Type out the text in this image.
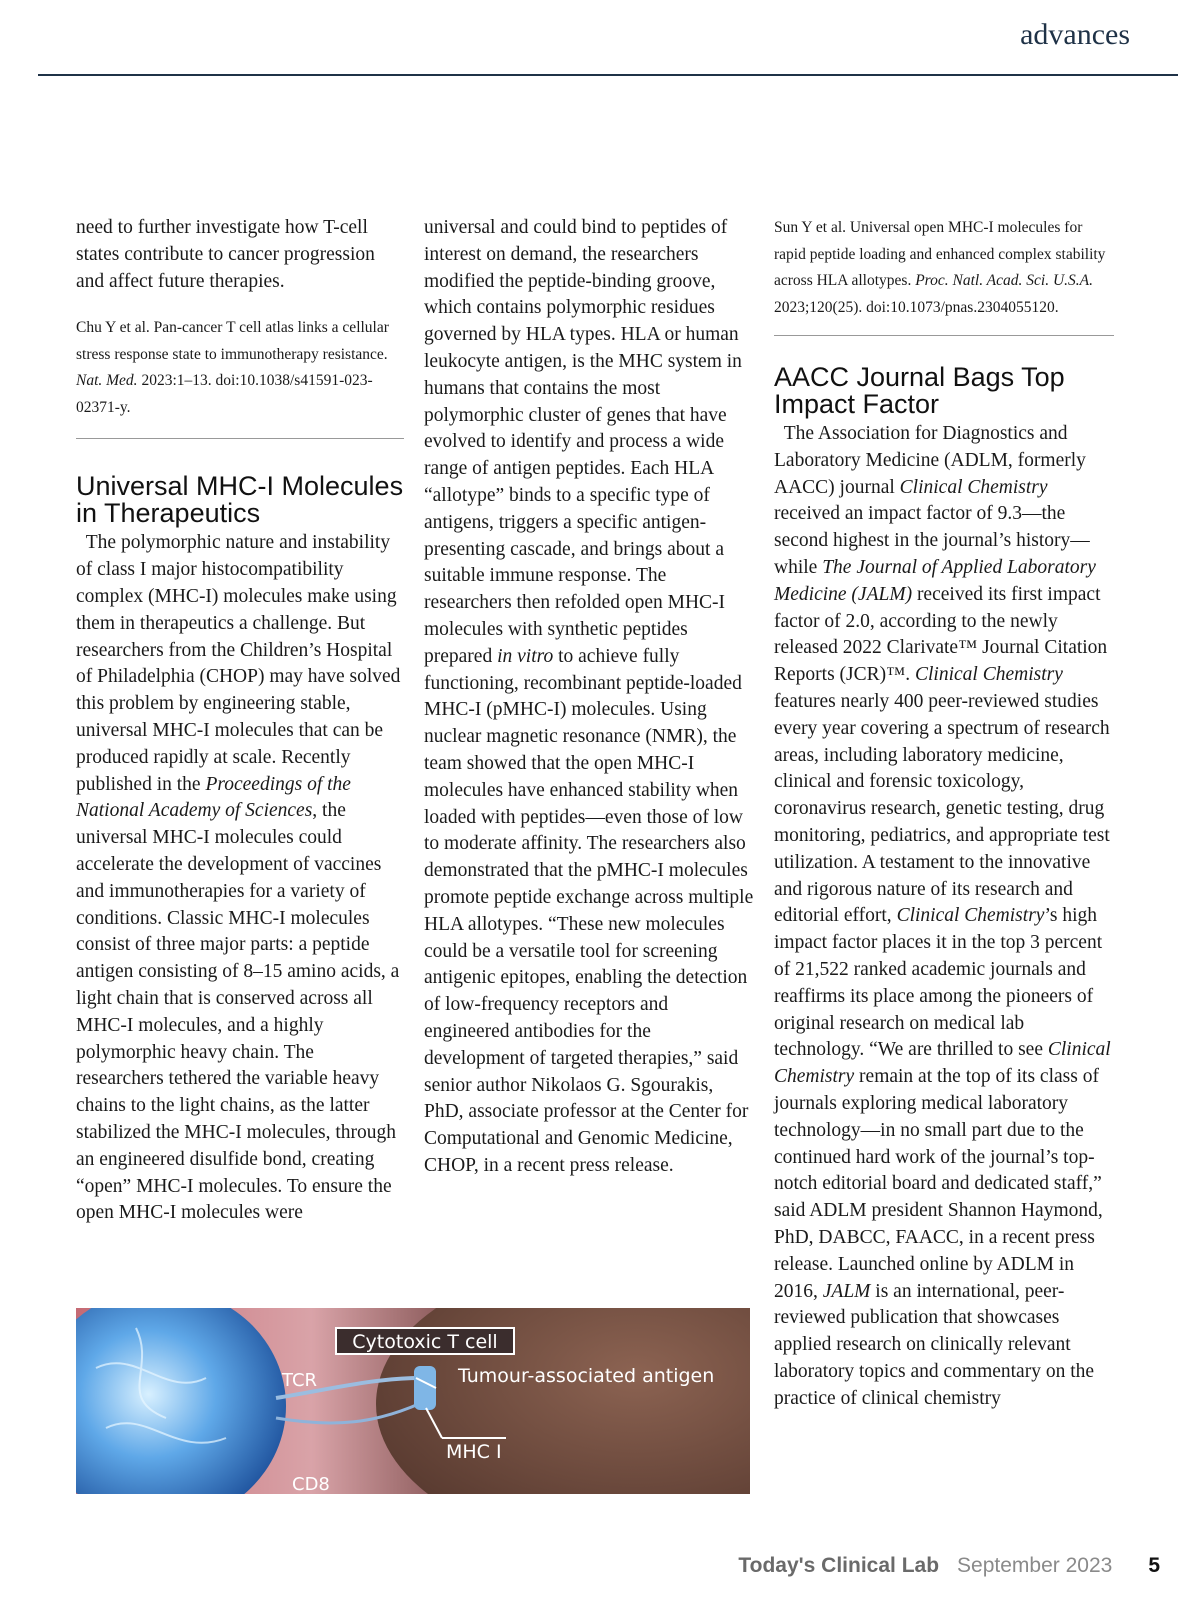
advances

need to further investigate how T-cell states contribute to cancer progression and affect future therapies.

Chu Y et al. Pan-cancer T cell atlas links a cellular stress response state to immunotherapy resistance. Nat. Med. 2023:1–13. doi:10.1038/s41591-023-02371-y.

Universal MHC-I Molecules in Therapeutics

The polymorphic nature and instability of class I major histocompatibility complex (MHC-I) molecules make using them in therapeutics a challenge. But researchers from the Children’s Hospital of Philadelphia (CHOP) may have solved this problem by engineering stable, universal MHC-I molecules that can be produced rapidly at scale. Recently published in the Proceedings of the National Academy of Sciences, the universal MHC-I molecules could accelerate the development of vaccines and immunotherapies for a variety of conditions. Classic MHC-I molecules consist of three major parts: a peptide antigen consisting of 8–15 amino acids, a light chain that is conserved across all MHC-I molecules, and a highly polymorphic heavy chain. The researchers tethered the variable heavy chains to the light chains, as the latter stabilized the MHC-I molecules, through an engineered disulfide bond, creating “open” MHC-I molecules. To ensure the open MHC-I molecules were

universal and could bind to peptides of interest on demand, the researchers modified the peptide-binding groove, which contains polymorphic residues governed by HLA types. HLA or human leukocyte antigen, is the MHC system in humans that contains the most polymorphic cluster of genes that have evolved to identify and process a wide range of antigen peptides. Each HLA “allotype” binds to a specific type of antigens, triggers a specific antigen-presenting cascade, and brings about a suitable immune response. The researchers then refolded open MHC-I molecules with synthetic peptides prepared in vitro to achieve fully functioning, recombinant peptide-loaded MHC-I (pMHC-I) molecules. Using nuclear magnetic resonance (NMR), the team showed that the open MHC-I molecules have enhanced stability when loaded with peptides—even those of low to moderate affinity. The researchers also demonstrated that the pMHC-I molecules promote peptide exchange across multiple HLA allotypes. “These new molecules could be a versatile tool for screening antigenic epitopes, enabling the detection of low-frequency receptors and engineered antibodies for the development of targeted therapies,” said senior author Nikolaos G. Sgourakis, PhD, associate professor at the Center for Computational and Genomic Medicine, CHOP, in a recent press release.

Sun Y et al. Universal open MHC-I molecules for rapid peptide loading and enhanced complex stability across HLA allotypes. Proc. Natl. Acad. Sci. U.S.A. 2023;120(25). doi:10.1073/pnas.2304055120.

AACC Journal Bags Top Impact Factor

The Association for Diagnostics and Laboratory Medicine (ADLM, formerly AACC) journal Clinical Chemistry received an impact factor of 9.3—the second highest in the journal’s history—while The Journal of Applied Laboratory Medicine (JALM) received its first impact factor of 2.0, according to the newly released 2022 Clarivate™ Journal Citation Reports (JCR)™. Clinical Chemistry features nearly 400 peer-reviewed studies every year covering a spectrum of research areas, including laboratory medicine, clinical and forensic toxicology, coronavirus research, genetic testing, drug monitoring, pediatrics, and appropriate test utilization. A testament to the innovative and rigorous nature of its research and editorial effort, Clinical Chemistry’s high impact factor places it in the top 3 percent of 21,522 ranked academic journals and reaffirms its place among the pioneers of original research on medical lab technology. “We are thrilled to see Clinical Chemistry remain at the top of its class of journals exploring medical laboratory technology—in no small part due to the continued hard work of the journal’s top-notch editorial board and dedicated staff,” said ADLM president Shannon Haymond, PhD, DABCC, FAACC, in a recent press release. Launched online by ADLM in 2016, JALM is an international, peer-reviewed publication that showcases applied research on clinically relevant laboratory topics and commentary on the practice of clinical chemistry

Cytotoxic T cell
TCR	Tumour-associated antigen
MHC I
CD8
Today's Clinical Lab September 2023 5
